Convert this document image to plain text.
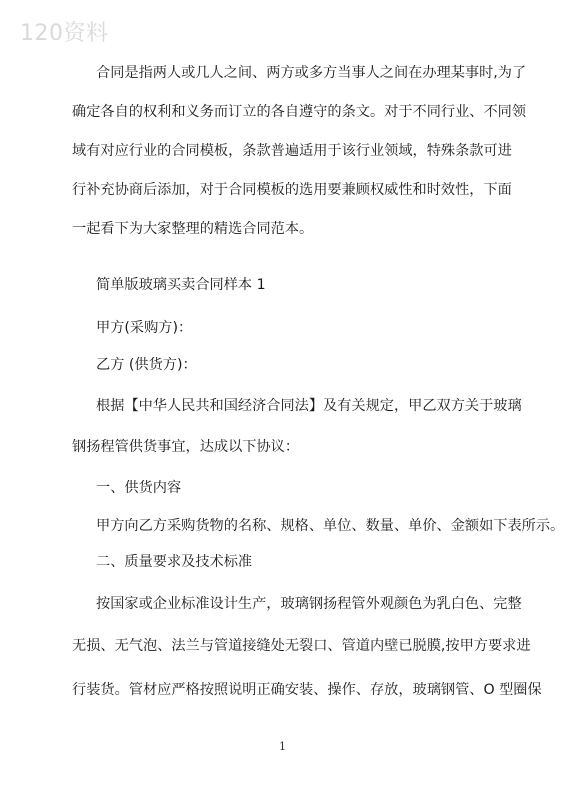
120资料
合同是指两人或几人之间、两方或多方当事人之间在办理某事时,为了
确定各自的权利和义务而订立的各自遵守的条文。对于不同行业、不同领
域有对应行业的合同模板，条款普遍适用于该行业领域，特殊条款可进
行补充协商后添加，对于合同模板的选用要兼顾权威性和时效性，下面
一起看下为大家整理的精选合同范本。
简单版玻璃买卖合同样本 1
甲方(采购方)：
乙方 (供货方)：
根据【中华人民共和国经济合同法】及有关规定，甲乙双方关于玻璃
钢扬程管供货事宜，达成以下协议：
一、供货内容
甲方向乙方采购货物的名称、规格、单位、数量、单价、金额如下表所示。
二、质量要求及技术标准
按国家或企业标准设计生产，玻璃钢扬程管外观颜色为乳白色、完整
无损、无气泡、法兰与管道接缝处无裂口、管道内壁已脱膜,按甲方要求进
行装货。管材应严格按照说明正确安装、操作、存放，玻璃钢管、O 型圈保
1
